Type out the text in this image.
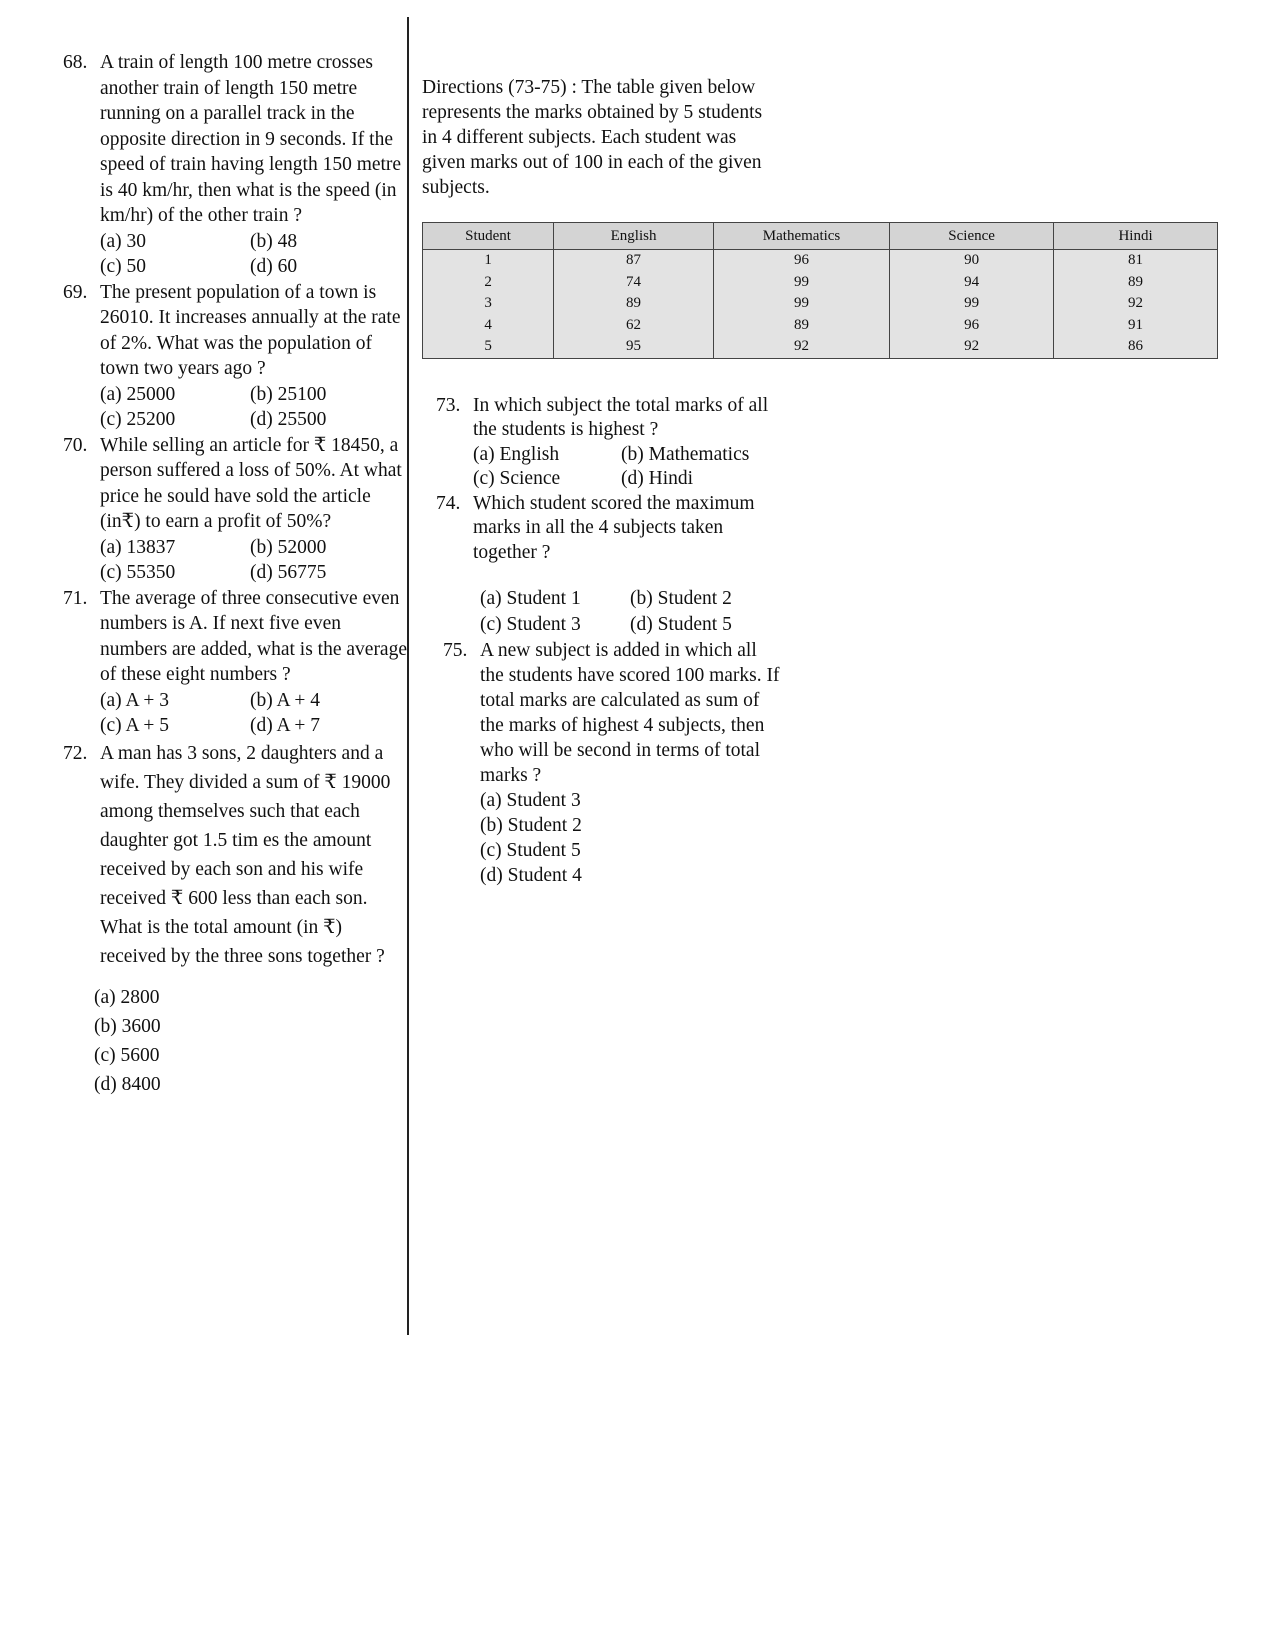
68. A train of length 100 metre crosses another train of length 150 metre running on a parallel track in the opposite direction in 9 seconds. If the speed of train having length 150 metre is 40 km/hr, then what is the speed (in km/hr) of the other train ?
(a) 30	(b) 48
(c) 50	(d) 60
69. The present population of a town is 26010. It increases annually at the rate of 2%. What was the population of town two years ago ?
(a) 25000	(b) 25100
(c) 25200	(d) 25500
70. While selling an article for ₹ 18450, a person suffered a loss of 50%. At what price he sould have sold the article (in₹) to earn a profit of 50%?
(a) 13837	(b) 52000
(c) 55350	(d) 56775
71. The average of three consecutive even numbers is A. If next five even numbers are added, what is the average of these eight numbers ?
(a) A + 3	(b) A + 4
(c) A + 5	(d) A + 7
72. A man has 3 sons, 2 daughters and a wife. They divided a sum of ₹ 19000 among themselves such that each daughter got 1.5 tim es the amount received by each son and his wife received ₹ 600 less than each son. What is the total amount (in ₹) received by the three sons together ?
(a) 2800
(b) 3600
(c) 5600
(d) 8400
Directions (73-75) : The table given below represents the marks obtained by 5 students in 4 different subjects. Each student was given marks out of 100 in each of the given subjects.
Student	English	Mathematics	Science	Hindi
1	87	96	90	81
2	74	99	94	89
3	89	99	99	92
4	62	89	96	91
5	95	92	92	86
73. In which subject the total marks of all the students is highest ?
(a) English	(b) Mathematics
(c) Science	(d) Hindi
74. Which student scored the maximum marks in all the 4 subjects taken together ?
(a) Student 1	(b) Student 2
(c) Student 3	(d) Student 5
75. A new subject is added in which all the students have scored 100 marks. If total marks are calculated as sum of the marks of highest 4 subjects, then who will be second in terms of total marks ?
(a) Student 3
(b) Student 2
(c) Student 5
(d) Student 4
